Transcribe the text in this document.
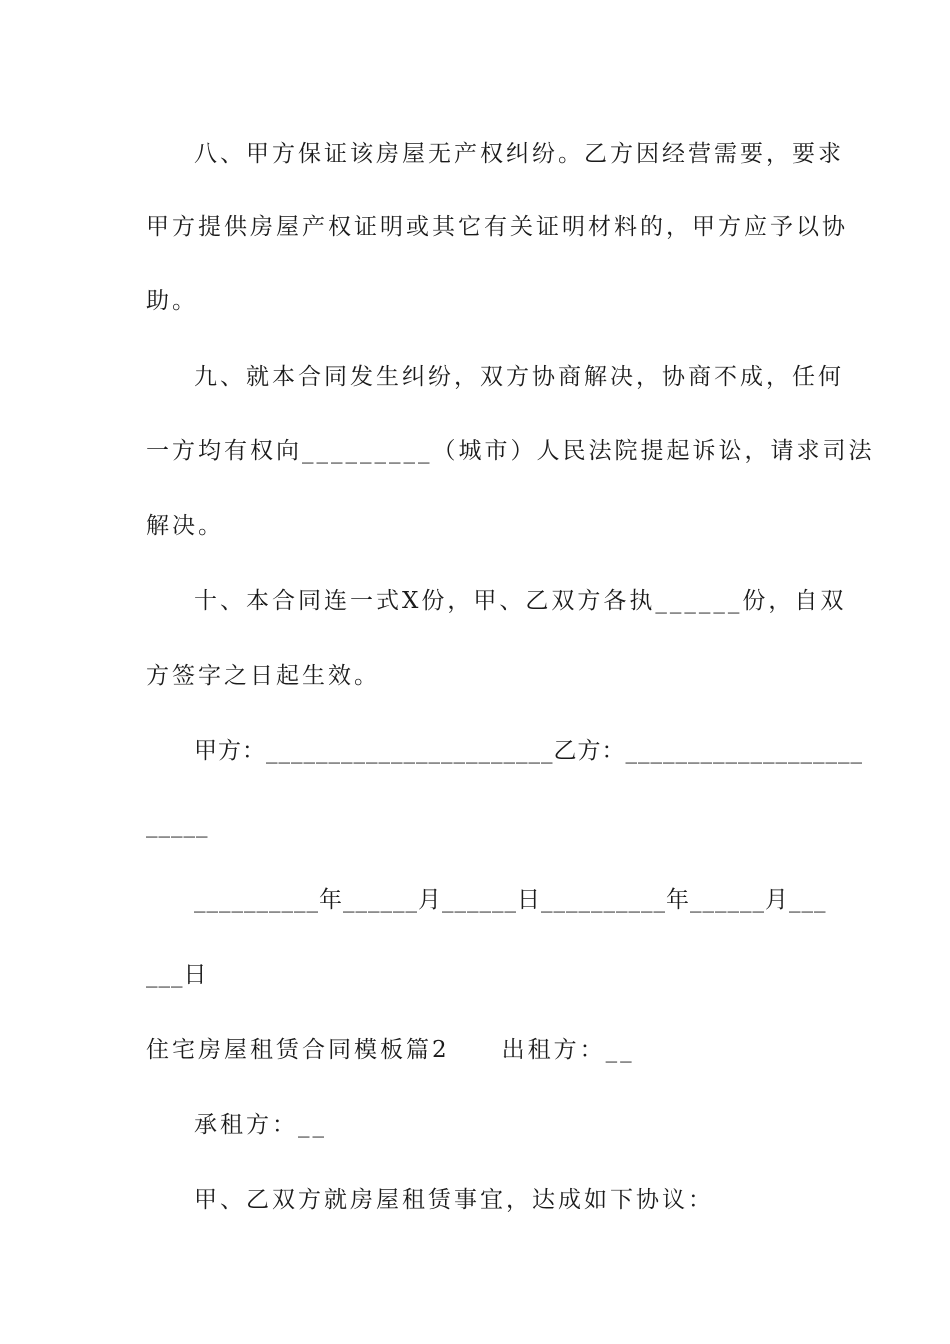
八、甲方保证该房屋无产权纠纷。乙方因经营需要，要求
甲方提供房屋产权证明或其它有关证明材料的，甲方应予以协
助。
九、就本合同发生纠纷，双方协商解决，协商不成，任何
一方均有权向_________（城市）人民法院提起诉讼，请求司法
解决。
十、本合同连一式X份，甲、乙双方各执______份，自双
方签字之日起生效。
甲方：_______________________乙方：___________________
_____
__________年______月______日__________年______月___
___日
住宅房屋租赁合同模板篇2　　出租方：__
承租方：__
甲、乙双方就房屋租赁事宜，达成如下协议：
